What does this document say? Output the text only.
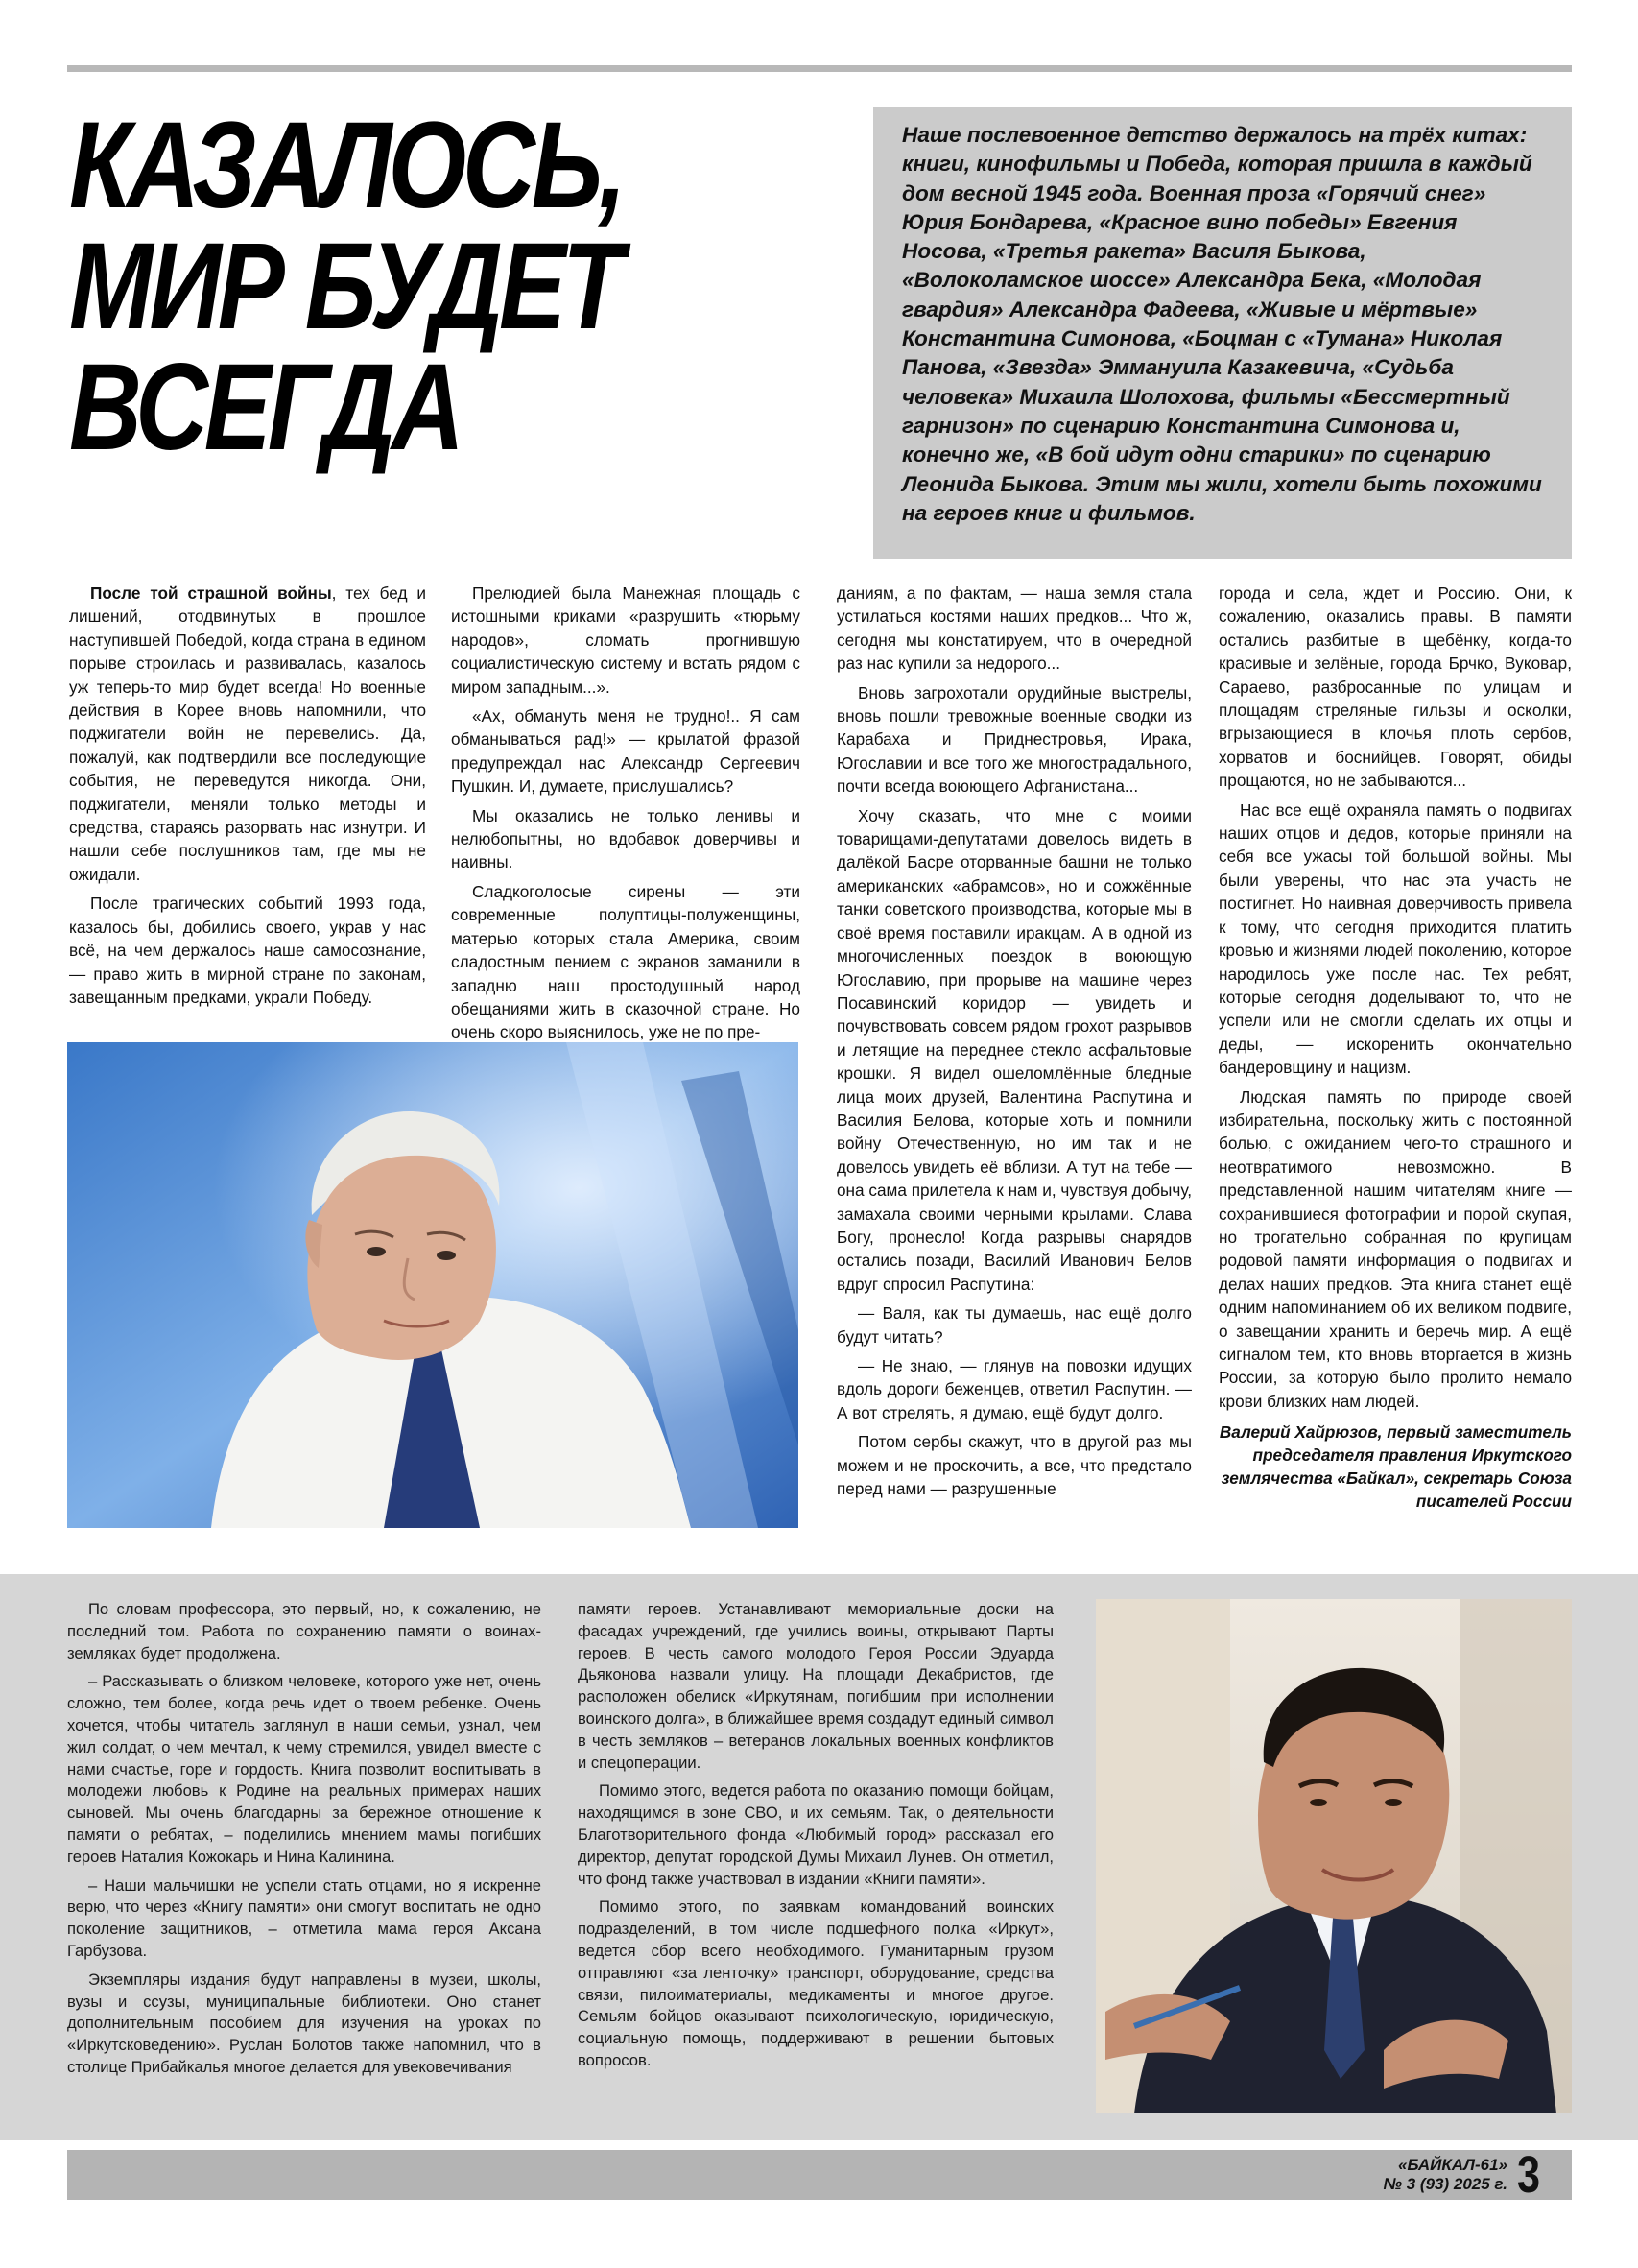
КАЗАЛОСЬ, МИР БУДЕТ ВСЕГДА
Наше послевоенное детство держалось на трёх китах: книги, кинофильмы и Победа, которая пришла в каждый дом весной 1945 года. Военная проза «Горячий снег» Юрия Бондарева, «Красное вино победы» Евгения Носова, «Третья ракета» Василя Быкова, «Волоколамское шоссе» Александра Бека, «Молодая гвардия» Александра Фадеева, «Живые и мёртвые» Константина Симонова, «Боцман с «Тумана» Николая Панова, «Звезда» Эммануила Казакевича, «Судьба человека» Михаила Шолохова, фильмы «Бессмертный гарнизон» по сценарию Константина Симонова и, конечно же, «В бой идут одни старики» по сценарию Леонида Быкова. Этим мы жили, хотели быть похожими на героев книг и фильмов.

После той страшной войны, тех бед и лишений, отодвинутых в прошлое наступившей Победой, когда страна в едином порыве строилась и развивалась, казалось уж теперь-то мир будет всегда! Но военные действия в Корее вновь напомнили, что поджигатели войн не перевелись. Да, пожалуй, как подтвердили все последующие события, не переведутся никогда. Они, поджигатели, меняли только методы и средства, стараясь разорвать нас изнутри. И нашли себе послушников там, где мы не ожидали.

После трагических событий 1993 года, казалось бы, добились своего, украв у нас всё, на чем держалось наше самосознание, — право жить в мирной стране по законам, завещанным предками, украли Победу.

Прелюдией была Манежная площадь с истошными криками «разрушить «тюрьму народов», сломать прогнившую социалистическую систему и встать рядом с миром западным...».

«Ах, обмануть меня не трудно!.. Я сам обманываться рад!» — крылатой фразой предупреждал нас Александр Сергеевич Пушкин. И, думаете, прислушались?

Мы оказались не только ленивы и нелюбопытны, но вдобавок доверчивы и наивны.

Сладкоголосые сирены — эти современные полуптицы-полуженщины, матерью которых стала Америка, своим сладостным пением с экранов заманили в западню наш простодушный народ обещаниями жить в сказочной стране. Но очень скоро выяснилось, уже не по пре-

даниям, а по фактам, — наша земля стала устилаться костями наших предков... Что ж, сегодня мы констатируем, что в очередной раз нас купили за недорого...

Вновь загрохотали орудийные выстрелы, вновь пошли тревожные военные сводки из Карабаха и Приднестровья, Ирака, Югославии и все того же многострадального, почти всегда воюющего Афганистана...

Хочу сказать, что мне с моими товарищами-депутатами довелось видеть в далёкой Басре оторванные башни не только американских «абрамсов», но и сожжённые танки советского производства, которые мы в своё время поставили иракцам. А в одной из многочисленных поездок в воюющую Югославию, при прорыве на машине через Посавинский коридор — увидеть и почувствовать совсем рядом грохот разрывов и летящие на переднее стекло асфальтовые крошки. Я видел ошеломлённые бледные лица моих друзей, Валентина Распутина и Василия Белова, которые хоть и помнили войну Отечественную, но им так и не довелось увидеть её вблизи. А тут на тебе — она сама прилетела к нам и, чувствуя добычу, замахала своими черными крылами. Слава Богу, пронесло! Когда разрывы снарядов остались позади, Василий Иванович Белов вдруг спросил Распутина:

— Валя, как ты думаешь, нас ещё долго будут читать?

— Не знаю, — глянув на повозки идущих вдоль дороги беженцев, ответил Распутин. — А вот стрелять, я думаю, ещё будут долго.

Потом сербы скажут, что в другой раз мы можем и не проскочить, а все, что предстало перед нами — разрушенные

города и села, ждет и Россию. Они, к сожалению, оказались правы. В памяти остались разбитые в щебёнку, когда-то красивые и зелёные, города Брчко, Вуковар, Сараево, разбросанные по улицам и площадям стреляные гильзы и осколки, вгрызающиеся в клочья плоть сербов, хорватов и боснийцев. Говорят, обиды прощаются, но не забываются...

Нас все ещё охраняла память о подвигах наших отцов и дедов, которые приняли на себя все ужасы той большой войны. Мы были уверены, что нас эта участь не постигнет. Но наивная доверчивость привела к тому, что сегодня приходится платить кровью и жизнями людей поколению, которое народилось уже после нас. Тех ребят, которые сегодня доделывают то, что не успели или не смогли сделать их отцы и деды, — искоренить окончательно бандеровщину и нацизм.

Людская память по природе своей избирательна, поскольку жить с постоянной болью, с ожиданием чего-то страшного и неотвратимого невозможно. В представленной нашим читателям книге — сохранившиеся фотографии и порой скупая, но трогательно собранная по крупицам родовой памяти информация о подвигах и делах наших предков. Эта книга станет ещё одним напоминанием об их великом подвиге, о завещании хранить и беречь мир. А ещё сигналом тем, кто вновь вторгается в жизнь России, за которую было пролито немало крови близких нам людей.

Валерий Хайрюзов, первый заместитель председателя правления Иркутского землячества «Байкал», секретарь Союза писателей России

По словам профессора, это первый, но, к сожалению, не последний том. Работа по сохранению памяти о воинах-земляках будет продолжена.

– Рассказывать о близком человеке, которого уже нет, очень сложно, тем более, когда речь идет о твоем ребенке. Очень хочется, чтобы читатель заглянул в наши семьи, узнал, чем жил солдат, о чем мечтал, к чему стремился, увидел вместе с нами счастье, горе и гордость. Книга позволит воспитывать в молодежи любовь к Родине на реальных примерах наших сыновей. Мы очень благодарны за бережное отношение к памяти о ребятах, – поделились мнением мамы погибших героев Наталия Кожокарь и Нина Калинина.

– Наши мальчишки не успели стать отцами, но я искренне верю, что через «Книгу памяти» они смогут воспитать не одно поколение защитников, – отметила мама героя Аксана Гарбузова.

Экземпляры издания будут направлены в музеи, школы, вузы и ссузы, муниципальные библиотеки. Оно станет дополнительным пособием для изучения на уроках по «Иркутсковедению». Руслан Болотов также напомнил, что в столице Прибайкалья многое делается для увековечивания

памяти героев. Устанавливают мемориальные доски на фасадах учреждений, где учились воины, открывают Парты героев. В честь самого молодого Героя России Эдуарда Дьяконова назвали улицу. На площади Декабристов, где расположен обелиск «Иркутянам, погибшим при исполнении воинского долга», в ближайшее время создадут единый символ в честь земляков – ветеранов локальных военных конфликтов и спецоперации.

Помимо этого, ведется работа по оказанию помощи бойцам, находящимся в зоне СВО, и их семьям. Так, о деятельности Благотворительного фонда «Любимый город» рассказал его директор, депутат городской Думы Михаил Лунев. Он отметил, что фонд также участвовал в издании «Книги памяти».

Помимо этого, по заявкам командований воинских подразделений, в том числе подшефного полка «Иркут», ведется сбор всего необходимого. Гуманитарным грузом отправляют «за ленточку» транспорт, оборудование, средства связи, пилоиматериалы, медикаменты и многое другое. Семьям бойцов оказывают психологическую, юридическую, социальную помощь, поддерживают в решении бытовых вопросов.

«БАЙКАЛ-61»
№ 3 (93) 2025 г. 3
